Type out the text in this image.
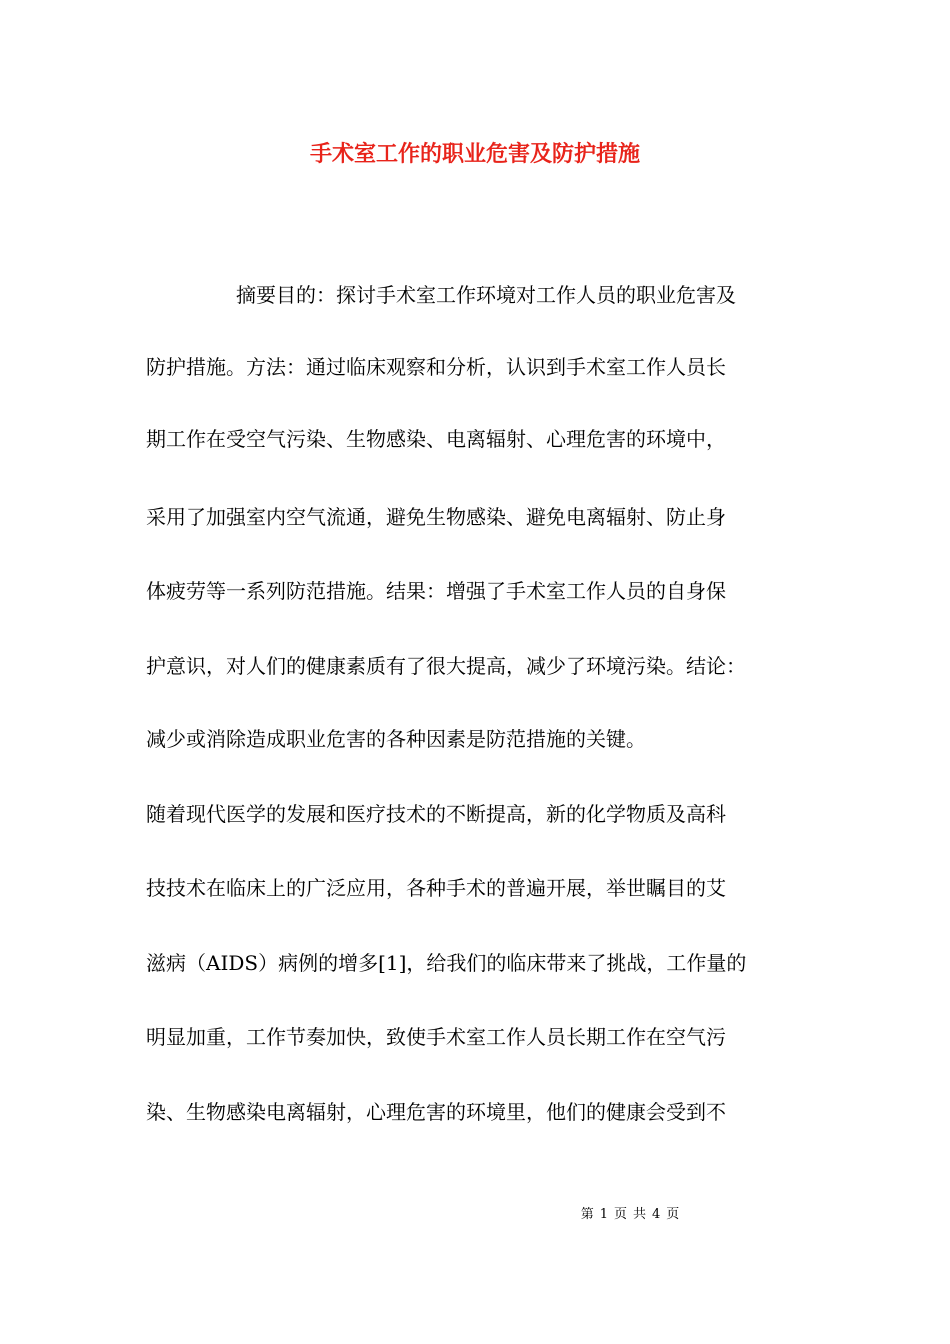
手术室工作的职业危害及防护措施

摘要目的：探讨手术室工作环境对工作人员的职业危害及

防护措施。方法：通过临床观察和分析，认识到手术室工作人员长

期工作在受空气污染、生物感染、电离辐射、心理危害的环境中，

采用了加强室内空气流通，避免生物感染、避免电离辐射、防止身

体疲劳等一系列防范措施。结果：增强了手术室工作人员的自身保

护意识，对人们的健康素质有了很大提高，减少了环境污染。结论：

减少或消除造成职业危害的各种因素是防范措施的关键。

随着现代医学的发展和医疗技术的不断提高，新的化学物质及高科

技技术在临床上的广泛应用，各种手术的普遍开展，举世瞩目的艾

滋病（AIDS）病例的增多[1]，给我们的临床带来了挑战，工作量的

明显加重，工作节奏加快，致使手术室工作人员长期工作在空气污

染、生物感染电离辐射，心理危害的环境里，他们的健康会受到不

第 1 页 共 4 页
